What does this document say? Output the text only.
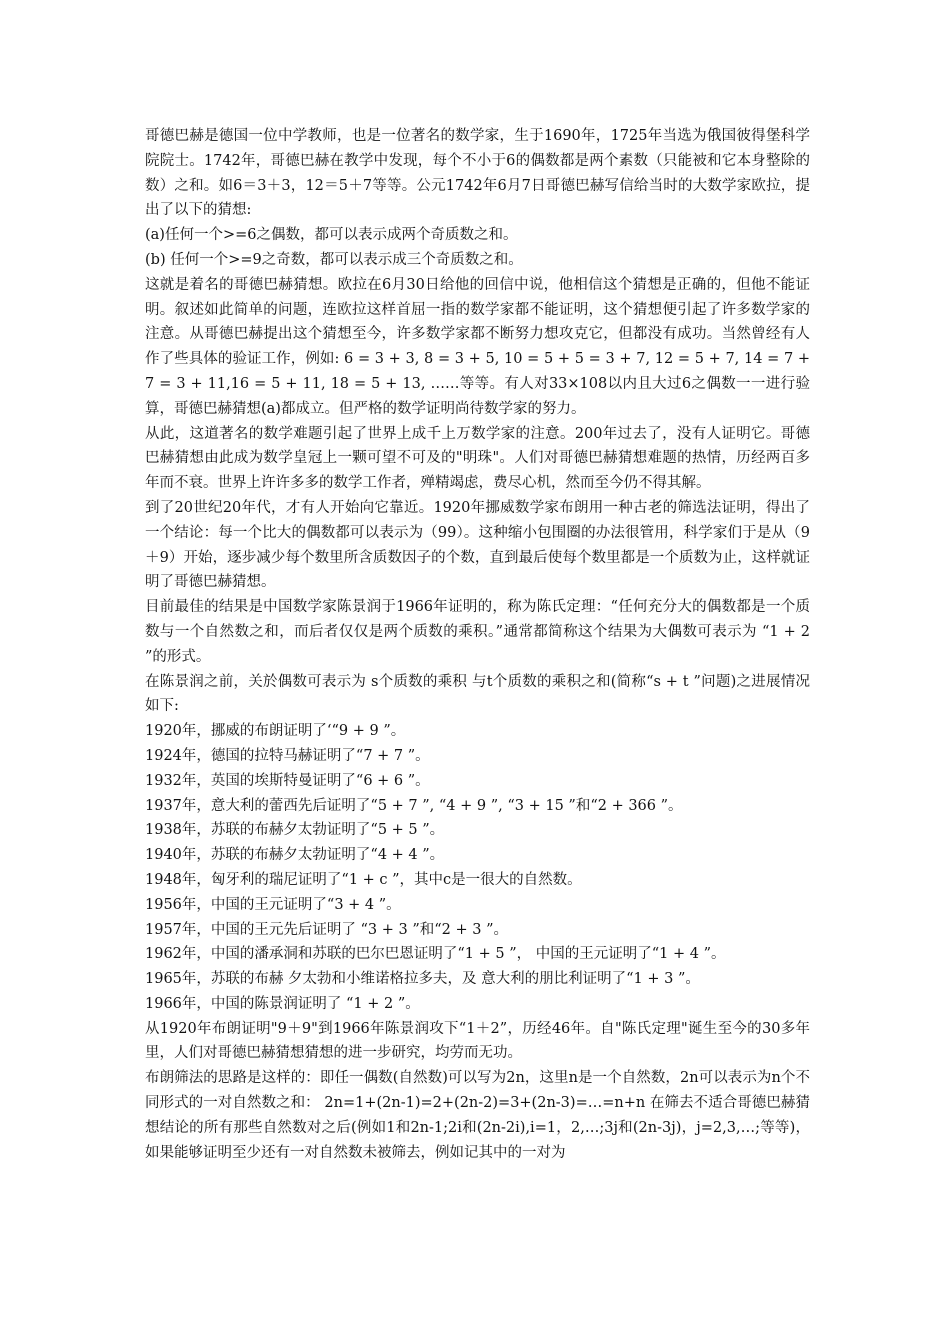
哥德巴赫是德国一位中学教师，也是一位著名的数学家，生于1690年，1725年当选为俄国彼得堡科学院院士。1742年，哥德巴赫在教学中发现，每个不小于6的偶数都是两个素数（只能被和它本身整除的数）之和。如6＝3＋3，12＝5＋7等等。公元1742年6月7日哥德巴赫写信给当时的大数学家欧拉，提出了以下的猜想:

(a)任何一个>=6之偶数，都可以表示成两个奇质数之和。

(b) 任何一个>=9之奇数，都可以表示成三个奇质数之和。

这就是着名的哥德巴赫猜想。欧拉在6月30日给他的回信中说，他相信这个猜想是正确的，但他不能证明。叙述如此简单的问题，连欧拉这样首屈一指的数学家都不能证明，这个猜想便引起了许多数学家的注意。从哥德巴赫提出这个猜想至今，许多数学家都不断努力想攻克它，但都没有成功。当然曾经有人作了些具体的验证工作，例如: 6 = 3 + 3, 8 = 3 + 5, 10 = 5 + 5 = 3 + 7, 12 = 5 + 7, 14 = 7 + 7 = 3 + 11,16 = 5 + 11, 18 = 5 + 13, ……等等。有人对33×108以内且大过6之偶数一一进行验算，哥德巴赫猜想(a)都成立。但严格的数学证明尚待数学家的努力。

从此，这道著名的数学难题引起了世界上成千上万数学家的注意。200年过去了，没有人证明它。哥德巴赫猜想由此成为数学皇冠上一颗可望不可及的"明珠"。人们对哥德巴赫猜想难题的热情，历经两百多年而不衰。世界上许许多多的数学工作者，殚精竭虑，费尽心机，然而至今仍不得其解。

到了20世纪20年代，才有人开始向它靠近。1920年挪威数学家布朗用一种古老的筛选法证明，得出了一个结论：每一个比大的偶数都可以表示为（99）。这种缩小包围圈的办法很管用，科学家们于是从（9＋9）开始，逐步减少每个数里所含质数因子的个数，直到最后使每个数里都是一个质数为止，这样就证明了哥德巴赫猜想。

目前最佳的结果是中国数学家陈景润于1966年证明的，称为陈氏定理：“任何充分大的偶数都是一个质数与一个自然数之和，而后者仅仅是两个质数的乘积。”通常都简称这个结果为大偶数可表示为 “1 + 2 ”的形式。

在陈景润之前，关於偶数可表示为 s个质数的乘积 与t个质数的乘积之和(简称“s + t ”问题)之进展情况如下:

1920年，挪威的布朗证明了‘“9 + 9 ”。

1924年，德国的拉特马赫证明了“7 + 7 ”。

1932年，英国的埃斯特曼证明了“6 + 6 ”。

1937年，意大利的蕾西先后证明了“5 + 7 ”, “4 + 9 ”, “3 + 15 ”和“2 + 366 ”。

1938年，苏联的布赫夕太勃证明了“5 + 5 ”。

1940年，苏联的布赫夕太勃证明了“4 + 4 ”。

1948年，匈牙利的瑞尼证明了“1 + c ”，其中c是一很大的自然数。

1956年，中国的王元证明了“3 + 4 ”。

1957年，中国的王元先后证明了 “3 + 3 ”和“2 + 3 ”。

1962年，中国的潘承洞和苏联的巴尔巴恩证明了“1 + 5 ”， 中国的王元证明了“1 + 4 ”。

1965年，苏联的布赫 夕太勃和小维诺格拉多夫，及 意大利的朋比利证明了“1 + 3 ”。

1966年，中国的陈景润证明了 “1 + 2 ”。

从1920年布朗证明"9＋9"到1966年陈景润攻下“1＋2”，历经46年。自"陈氏定理"诞生至今的30多年里，人们对哥德巴赫猜想猜想的进一步研究，均劳而无功。

布朗筛法的思路是这样的：即任一偶数(自然数)可以写为2n，这里n是一个自然数，2n可以表示为n个不同形式的一对自然数之和： 2n=1+(2n-1)=2+(2n-2)=3+(2n-3)=…=n+n 在筛去不适合哥德巴赫猜想结论的所有那些自然数对之后(例如1和2n-1;2i和(2n-2i),i=1，2,…;3j和(2n-3j)，j=2,3,…;等等)，如果能够证明至少还有一对自然数未被筛去，例如记其中的一对为
